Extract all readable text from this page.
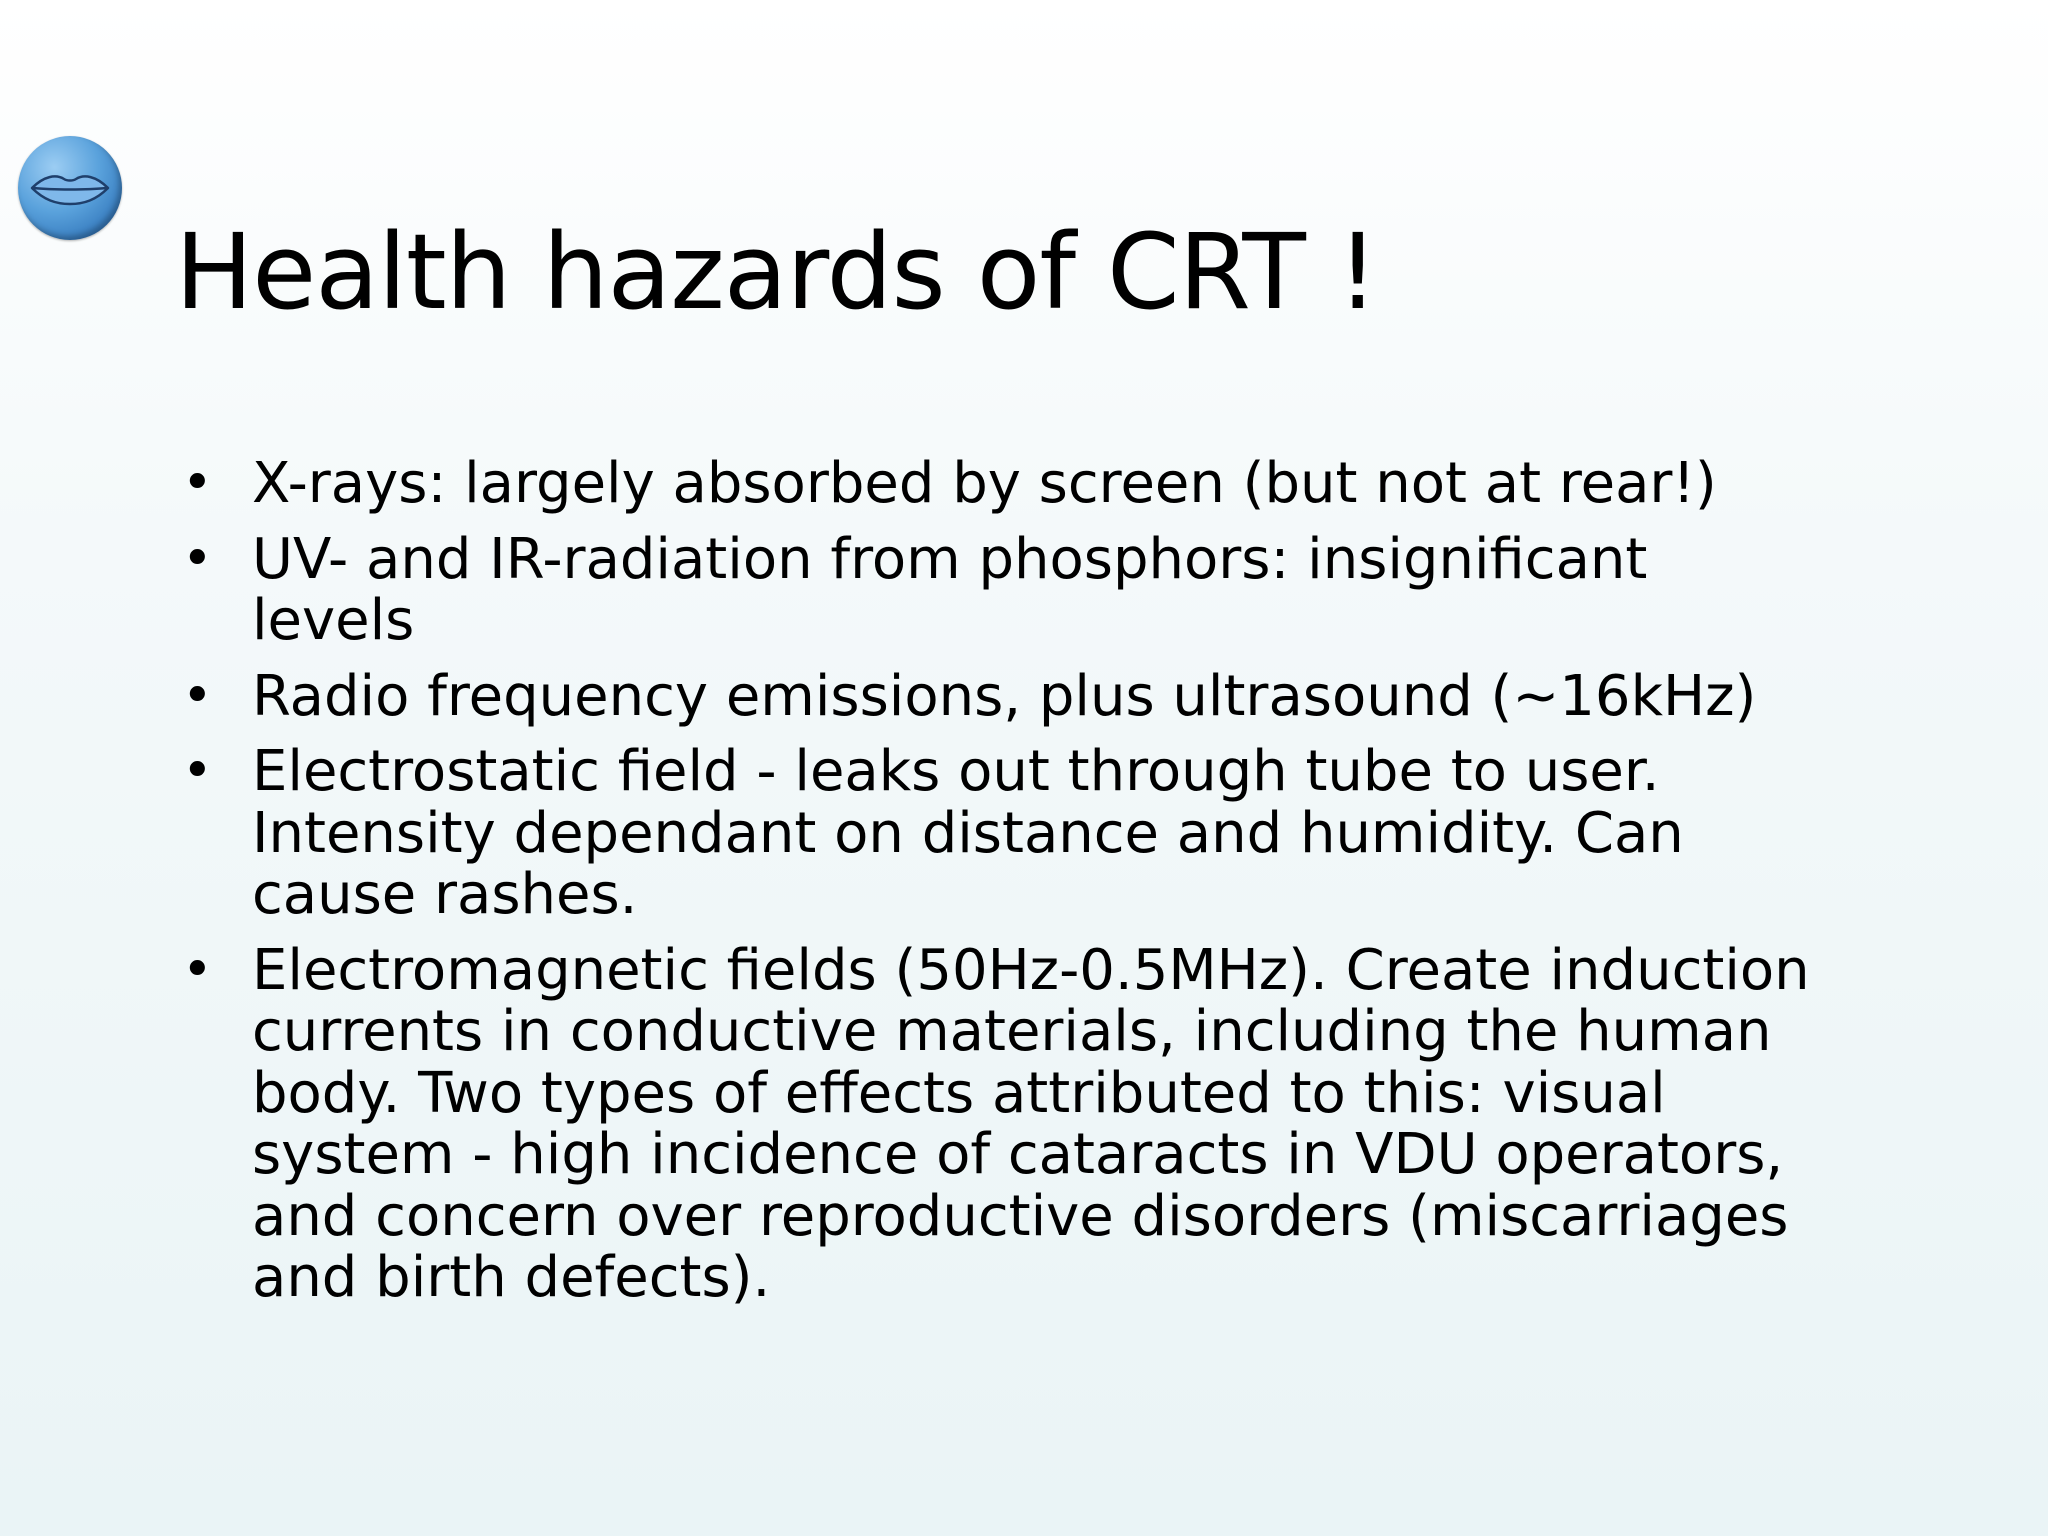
Health hazards of CRT !
• X-rays: largely absorbed by screen (but not at rear!)
• UV- and IR-radiation from phosphors: insignificant
levels
• Radio frequency emissions, plus ultrasound (~16kHz)
• Electrostatic field - leaks out through tube to user.
Intensity dependant on distance and humidity. Can
cause rashes.
• Electromagnetic fields (50Hz-0.5MHz). Create induction
currents in conductive materials, including the human
body. Two types of effects attributed to this: visual
system - high incidence of cataracts in VDU operators,
and concern over reproductive disorders (miscarriages
and birth defects).
